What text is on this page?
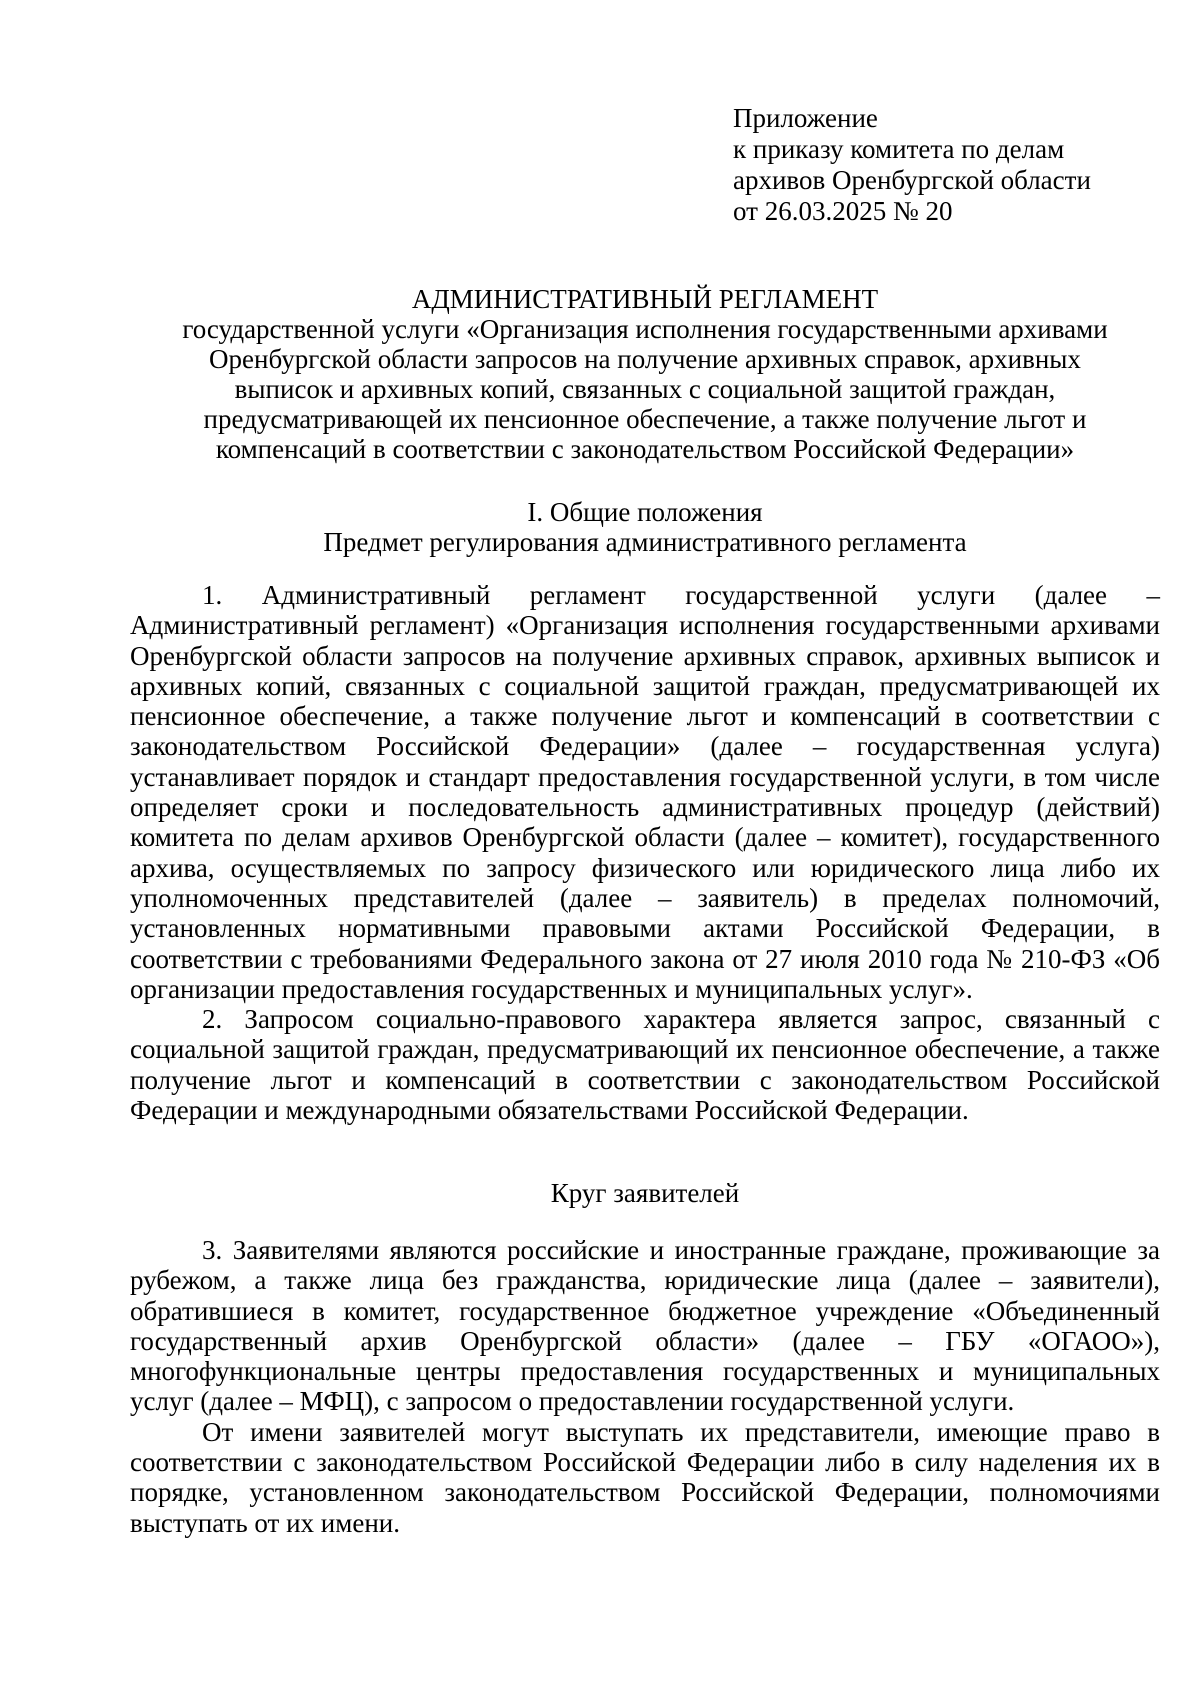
Приложение
к приказу комитета по делам
архивов Оренбургской области
от 26.03.2025 № 20
АДМИНИСТРАТИВНЫЙ РЕГЛАМЕНТ
государственной услуги «Организация исполнения государственными архивами
Оренбургской области запросов на получение архивных справок, архивных
выписок и архивных копий, связанных с социальной защитой граждан,
предусматривающей их пенсионное обеспечение, а также получение льгот и
компенсаций в соответствии с законодательством Российской Федерации»
I. Общие положения
Предмет регулирования административного регламента

1. Административный регламент государственной услуги (далее – Административный регламент) «Организация исполнения государственными архивами Оренбургской области запросов на получение архивных справок, архивных выписок и архивных копий, связанных с социальной защитой граждан, предусматривающей их пенсионное обеспечение, а также получение льгот и компенсаций в соответствии с законодательством Российской Федерации» (далее – государственная услуга) устанавливает порядок и стандарт предоставления государственной услуги, в том числе определяет сроки и последовательность административных процедур (действий) комитета по делам архивов Оренбургской области (далее – комитет), государственного архива, осуществляемых по запросу физического или юридического лица либо их уполномоченных представителей (далее – заявитель) в пределах полномочий, установленных нормативными правовыми актами Российской Федерации, в соответствии с требованиями Федерального закона от 27 июля 2010 года № 210-ФЗ «Об организации предоставления государственных и муниципальных услуг».

2. Запросом социально-правового характера является запрос, связанный с социальной защитой граждан, предусматривающий их пенсионное обеспечение, а также получение льгот и компенсаций в соответствии с законодательством Российской Федерации и международными обязательствами Российской Федерации.

Круг заявителей

3. Заявителями являются российские и иностранные граждане, проживающие за рубежом, а также лица без гражданства, юридические лица (далее – заявители), обратившиеся в комитет, государственное бюджетное учреждение «Объединенный государственный архив Оренбургской области» (далее – ГБУ «ОГАОО»), многофункциональные центры предоставления государственных и муниципальных услуг (далее – МФЦ), с запросом о предоставлении государственной услуги.

От имени заявителей могут выступать их представители, имеющие право в соответствии с законодательством Российской Федерации либо в силу наделения их в порядке, установленном законодательством Российской Федерации, полномочиями выступать от их имени.
